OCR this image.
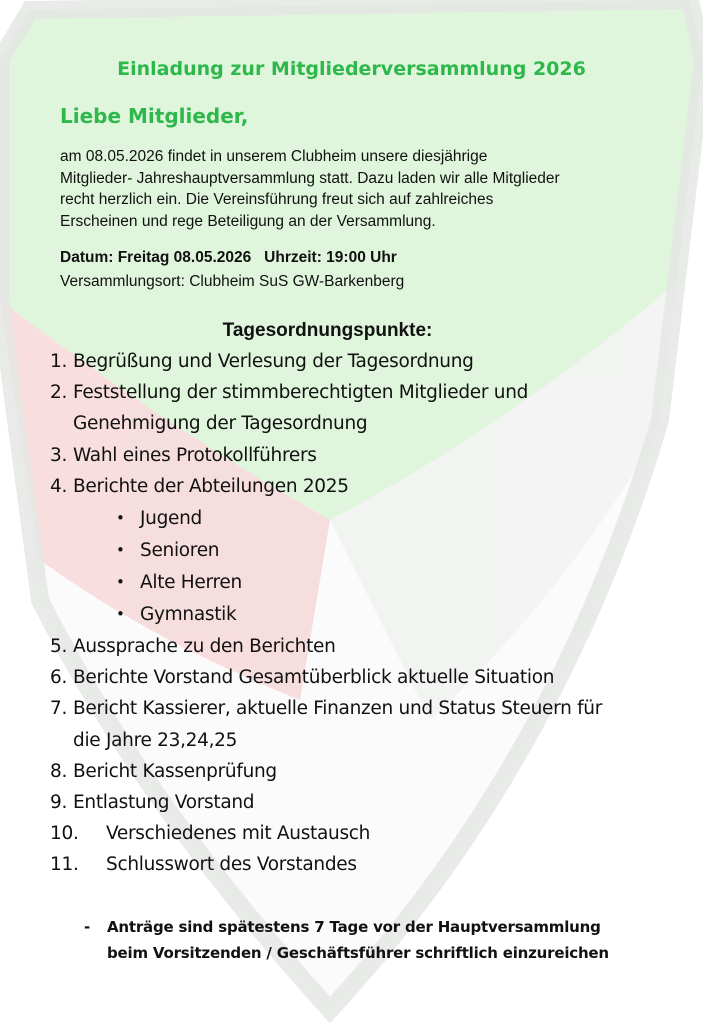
Einladung zur Mitgliederversammlung 2026
Liebe Mitglieder,
am 08.05.2026 findet in unserem Clubheim unsere diesjährige
Mitglieder- Jahreshauptversammlung statt. Dazu laden wir alle Mitglieder
recht herzlich ein. Die Vereinsführung freut sich auf zahlreiches
Erscheinen und rege Beteiligung an der Versammlung.
Datum: Freitag 08.05.2026   Uhrzeit: 19:00 Uhr
Versammlungsort: Clubheim SuS GW-Barkenberg
Tagesordnungspunkte:
1. Begrüßung und Verlesung der Tagesordnung
2. Feststellung der stimmberechtigten Mitglieder und
Genehmigung der Tagesordnung
3. Wahl eines Protokollführers
4. Berichte der Abteilungen 2025
• Jugend
• Senioren
• Alte Herren
• Gymnastik
5. Aussprache zu den Berichten
6. Berichte Vorstand Gesamtüberblick aktuelle Situation
7. Bericht Kassierer, aktuelle Finanzen und Status Steuern für
die Jahre 23,24,25
8. Bericht Kassenprüfung
9. Entlastung Vorstand
10. Verschiedenes mit Austausch
11. Schlusswort des Vorstandes
- Anträge sind spätestens 7 Tage vor der Hauptversammlung
beim Vorsitzenden / Geschäftsführer schriftlich einzureichen
